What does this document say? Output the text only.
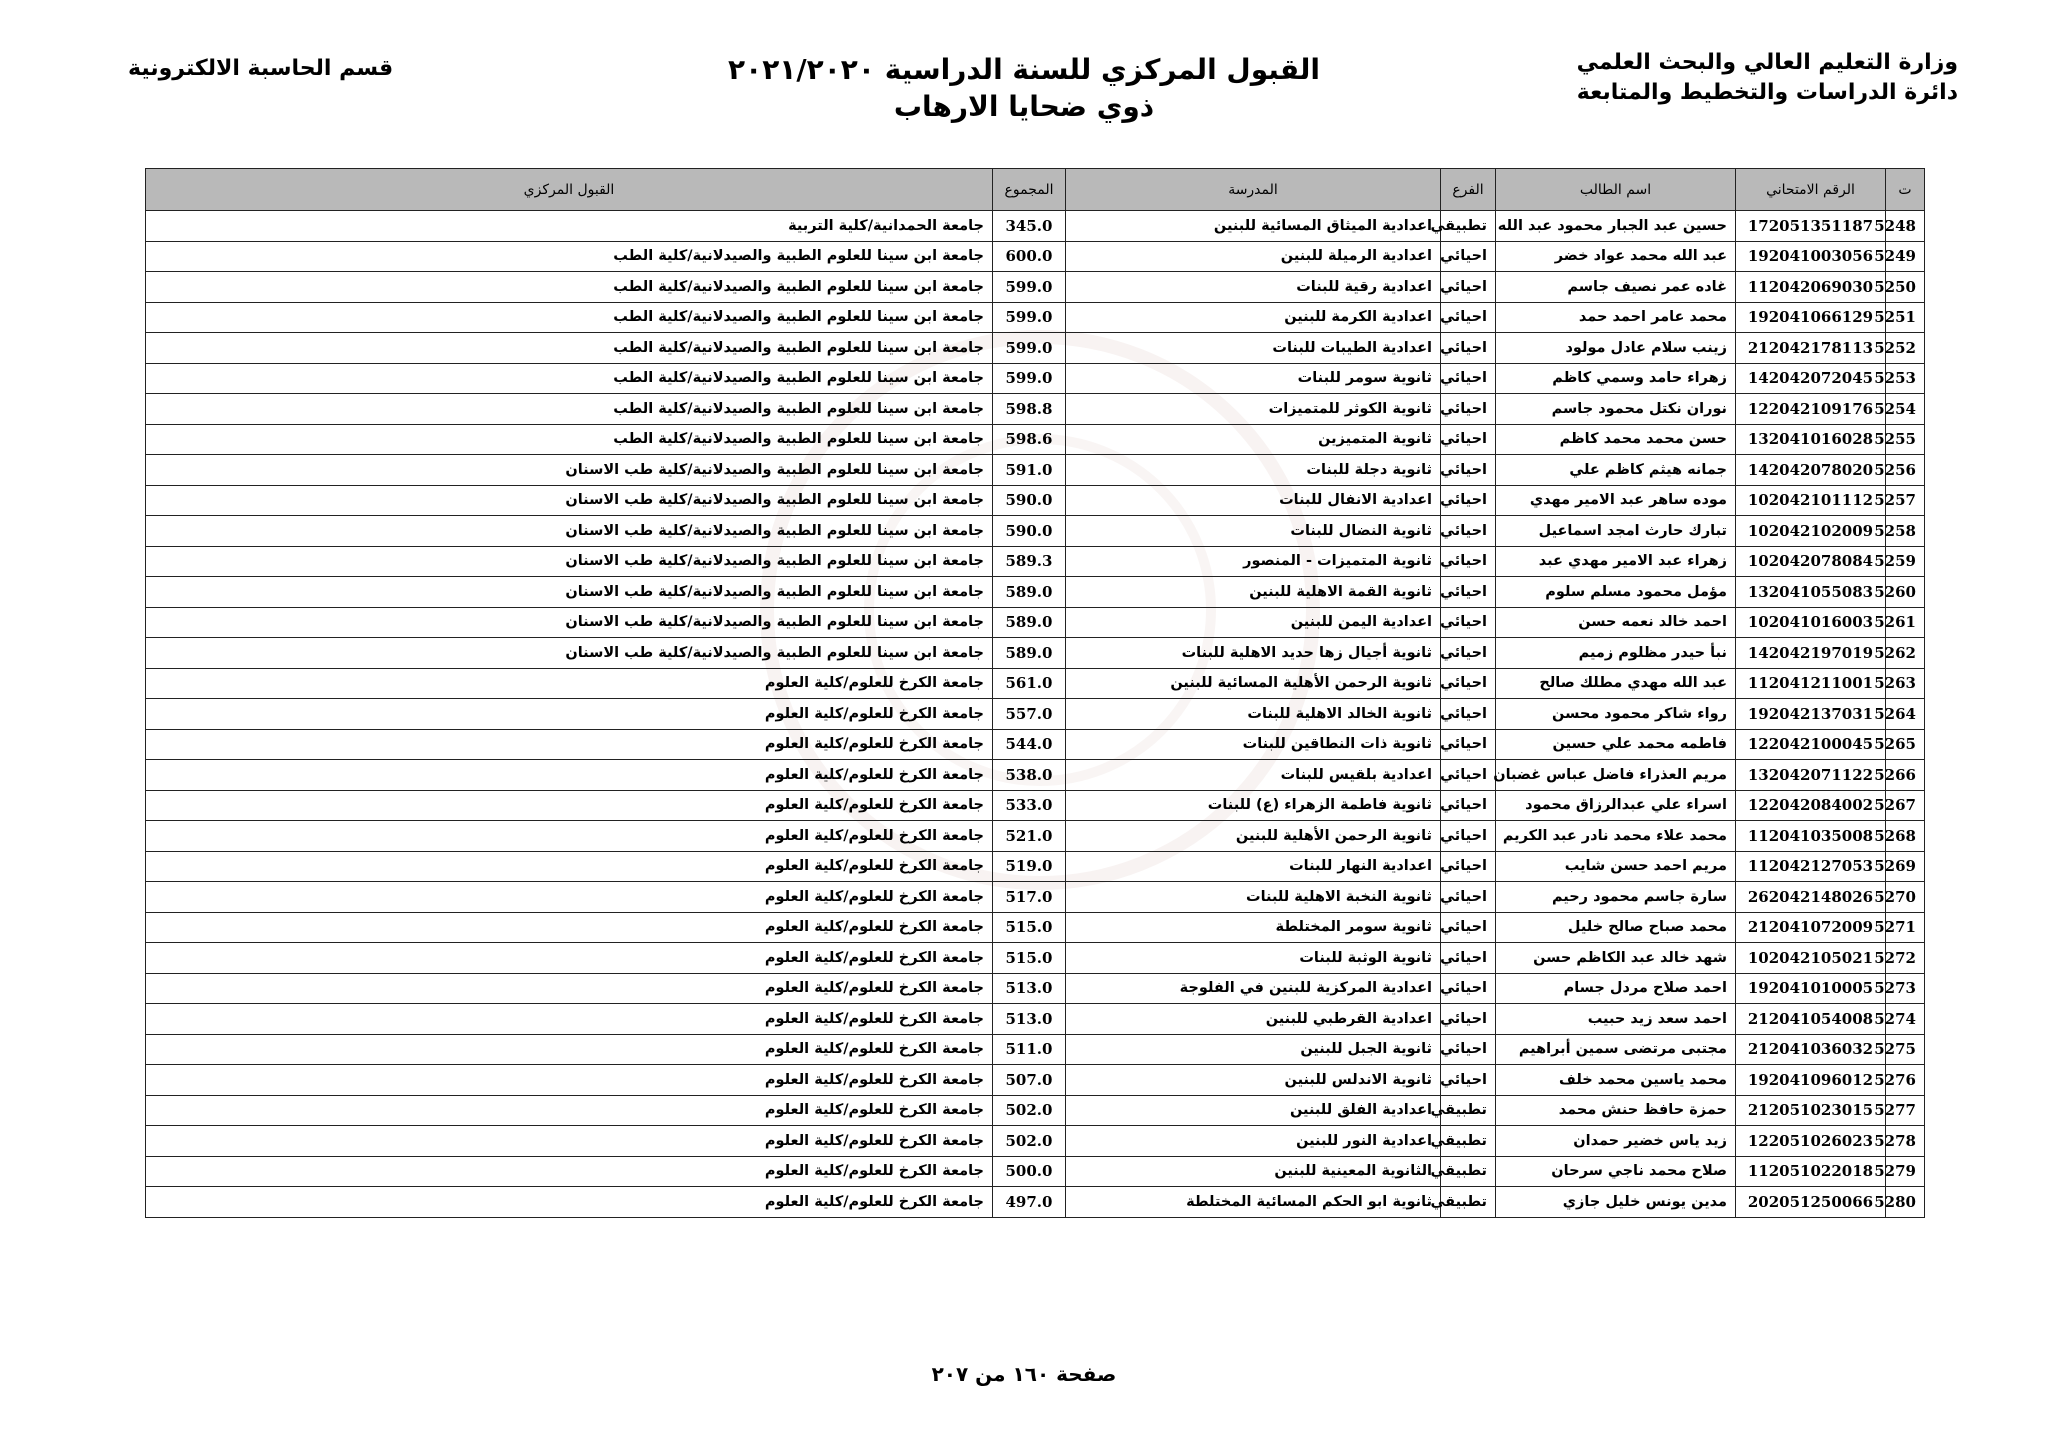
وزارة التعليم العالي والبحث العلمي
دائرة الدراسات والتخطيط والمتابعة
القبول المركزي للسنة الدراسية ٢٠٢١/٢٠٢٠
ذوي ضحايا الارهاب
قسم الحاسبة الالكترونية
ت	الرقم الامتحاني	اسم الطالب	الفرع	المدرسة	المجموع	القبول المركزي
5248	172051351187	حسين عبد الجبار محمود عبد الله	تطبيقي	اعدادية الميثاق المسائية للبنين	345.0	جامعة الحمدانية/كلية التربية
5249	192041003056	عبد الله محمد عواد خضر	احيائي	اعدادية الرميلة للبنين	600.0	جامعة ابن سينا للعلوم الطبية والصيدلانية/كلية الطب
5250	112042069030	غاده عمر نصيف جاسم	احيائي	اعدادية رقية للبنات	599.0	جامعة ابن سينا للعلوم الطبية والصيدلانية/كلية الطب
5251	192041066129	محمد عامر احمد حمد	احيائي	اعدادية الكرمة للبنين	599.0	جامعة ابن سينا للعلوم الطبية والصيدلانية/كلية الطب
5252	212042178113	زينب سلام عادل مولود	احيائي	اعدادية الطيبات للبنات	599.0	جامعة ابن سينا للعلوم الطبية والصيدلانية/كلية الطب
5253	142042072045	زهراء حامد وسمي كاظم	احيائي	ثانوية سومر للبنات	599.0	جامعة ابن سينا للعلوم الطبية والصيدلانية/كلية الطب
5254	122042109176	نوران نكتل محمود جاسم	احيائي	ثانوية الكوثر للمتميزات	598.8	جامعة ابن سينا للعلوم الطبية والصيدلانية/كلية الطب
5255	132041016028	حسن محمد محمد كاظم	احيائي	ثانوية المتميزين	598.6	جامعة ابن سينا للعلوم الطبية والصيدلانية/كلية الطب
5256	142042078020	جمانه هيثم كاظم علي	احيائي	ثانوية دجلة للبنات	591.0	جامعة ابن سينا للعلوم الطبية والصيدلانية/كلية طب الاسنان
5257	102042101112	موده ساهر عبد الامير مهدي	احيائي	اعدادية الانفال للبنات	590.0	جامعة ابن سينا للعلوم الطبية والصيدلانية/كلية طب الاسنان
5258	102042102009	تبارك حارث امجد اسماعيل	احيائي	ثانوية النضال للبنات	590.0	جامعة ابن سينا للعلوم الطبية والصيدلانية/كلية طب الاسنان
5259	102042078084	زهراء عبد الامير مهدي عبد	احيائي	ثانوية المتميزات - المنصور	589.3	جامعة ابن سينا للعلوم الطبية والصيدلانية/كلية طب الاسنان
5260	132041055083	مؤمل محمود مسلم سلوم	احيائي	ثانوية القمة الاهلية للبنين	589.0	جامعة ابن سينا للعلوم الطبية والصيدلانية/كلية طب الاسنان
5261	102041016003	احمد خالد نعمه حسن	احيائي	اعدادية اليمن للبنين	589.0	جامعة ابن سينا للعلوم الطبية والصيدلانية/كلية طب الاسنان
5262	142042197019	نبأ حيدر مظلوم زميم	احيائي	ثانوية أجيال زها حديد الاهلية للبنات	589.0	جامعة ابن سينا للعلوم الطبية والصيدلانية/كلية طب الاسنان
5263	112041211001	عبد الله مهدي مطلك صالح	احيائي	ثانوية الرحمن الأهلية المسائية للبنين	561.0	جامعة الكرخ للعلوم/كلية العلوم
5264	192042137031	رواء شاكر محمود محسن	احيائي	ثانوية الخالد الاهلية للبنات	557.0	جامعة الكرخ للعلوم/كلية العلوم
5265	122042100045	فاطمه محمد علي حسين	احيائي	ثانوية ذات النطاقين للبنات	544.0	جامعة الكرخ للعلوم/كلية العلوم
5266	132042071122	مريم العذراء فاضل عباس غضبان	احيائي	اعدادية بلقيس للبنات	538.0	جامعة الكرخ للعلوم/كلية العلوم
5267	122042084002	اسراء علي عبدالرزاق محمود	احيائي	ثانوية فاطمة الزهراء (ع) للبنات	533.0	جامعة الكرخ للعلوم/كلية العلوم
5268	112041035008	محمد علاء محمد نادر عبد الكريم	احيائي	ثانوية الرحمن الأهلية للبنين	521.0	جامعة الكرخ للعلوم/كلية العلوم
5269	112042127053	مريم احمد حسن شايب	احيائي	اعدادية النهار للبنات	519.0	جامعة الكرخ للعلوم/كلية العلوم
5270	262042148026	سارة جاسم محمود رحيم	احيائي	ثانوية النخبة الاهلية للبنات	517.0	جامعة الكرخ للعلوم/كلية العلوم
5271	212041072009	محمد صباح صالح خليل	احيائي	ثانوية سومر المختلطة	515.0	جامعة الكرخ للعلوم/كلية العلوم
5272	102042105021	شهد خالد عبد الكاظم حسن	احيائي	ثانوية الوثبة للبنات	515.0	جامعة الكرخ للعلوم/كلية العلوم
5273	192041010005	احمد صلاح مردل جسام	احيائي	اعدادية المركزية للبنين في الفلوجة	513.0	جامعة الكرخ للعلوم/كلية العلوم
5274	212041054008	احمد سعد زيد حبيب	احيائي	اعدادية القرطبي للبنين	513.0	جامعة الكرخ للعلوم/كلية العلوم
5275	212041036032	مجتبى مرتضى سمين أبراهيم	احيائي	ثانوية الجبل للبنين	511.0	جامعة الكرخ للعلوم/كلية العلوم
5276	192041096012	محمد ياسين محمد خلف	احيائي	ثانوية الاندلس للبنين	507.0	جامعة الكرخ للعلوم/كلية العلوم
5277	212051023015	حمزة حافظ حنش محمد	تطبيقي	اعدادية الفلق للبنين	502.0	جامعة الكرخ للعلوم/كلية العلوم
5278	122051026023	زيد ياس خضير حمدان	تطبيقي	اعدادية النور للبنين	502.0	جامعة الكرخ للعلوم/كلية العلوم
5279	112051022018	صلاح محمد ناجي سرحان	تطبيقي	الثانوية المعينية للبنين	500.0	جامعة الكرخ للعلوم/كلية العلوم
5280	202051250066	مدين يونس خليل جازي	تطبيقي	ثانوية ابو الحكم المسائية المختلطة	497.0	جامعة الكرخ للعلوم/كلية العلوم
صفحة ١٦٠ من ٢٠٧
